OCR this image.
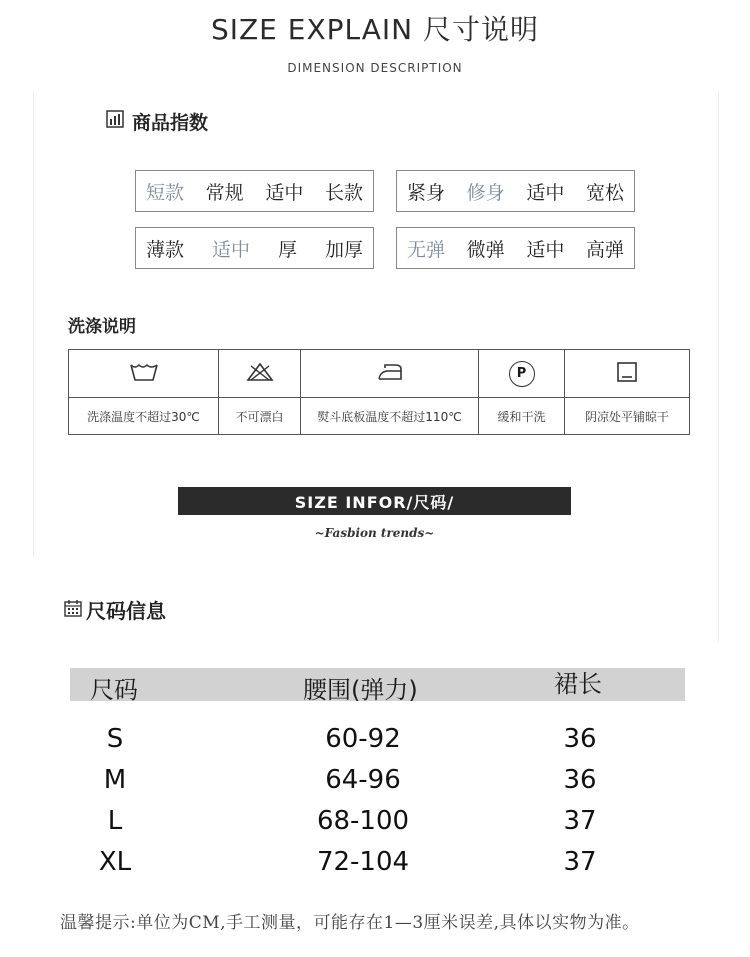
SIZE EXPLAIN 尺寸说明
DIMENSION DESCRIPTION
商品指数
短款 常规 适中 长款 紧身 修身 适中 宽松
薄款 适中 厚 加厚 无弹 微弹 适中 高弹
洗涤说明

P

洗涤温度不超过30℃	不可漂白	熨斗底板温度不超过110℃	缓和干洗	阴凉处平铺晾干
SIZE INFOR/尺码/
~Fasbion trends~
尺码信息
尺码	腰围(弹力)	裙长
S	60-92	36
M	64-96	36
L	68-100	37
XL	72-104	37
温馨提示:单位为CM,手工测量，可能存在1—3厘米误差,具体以实物为准。
